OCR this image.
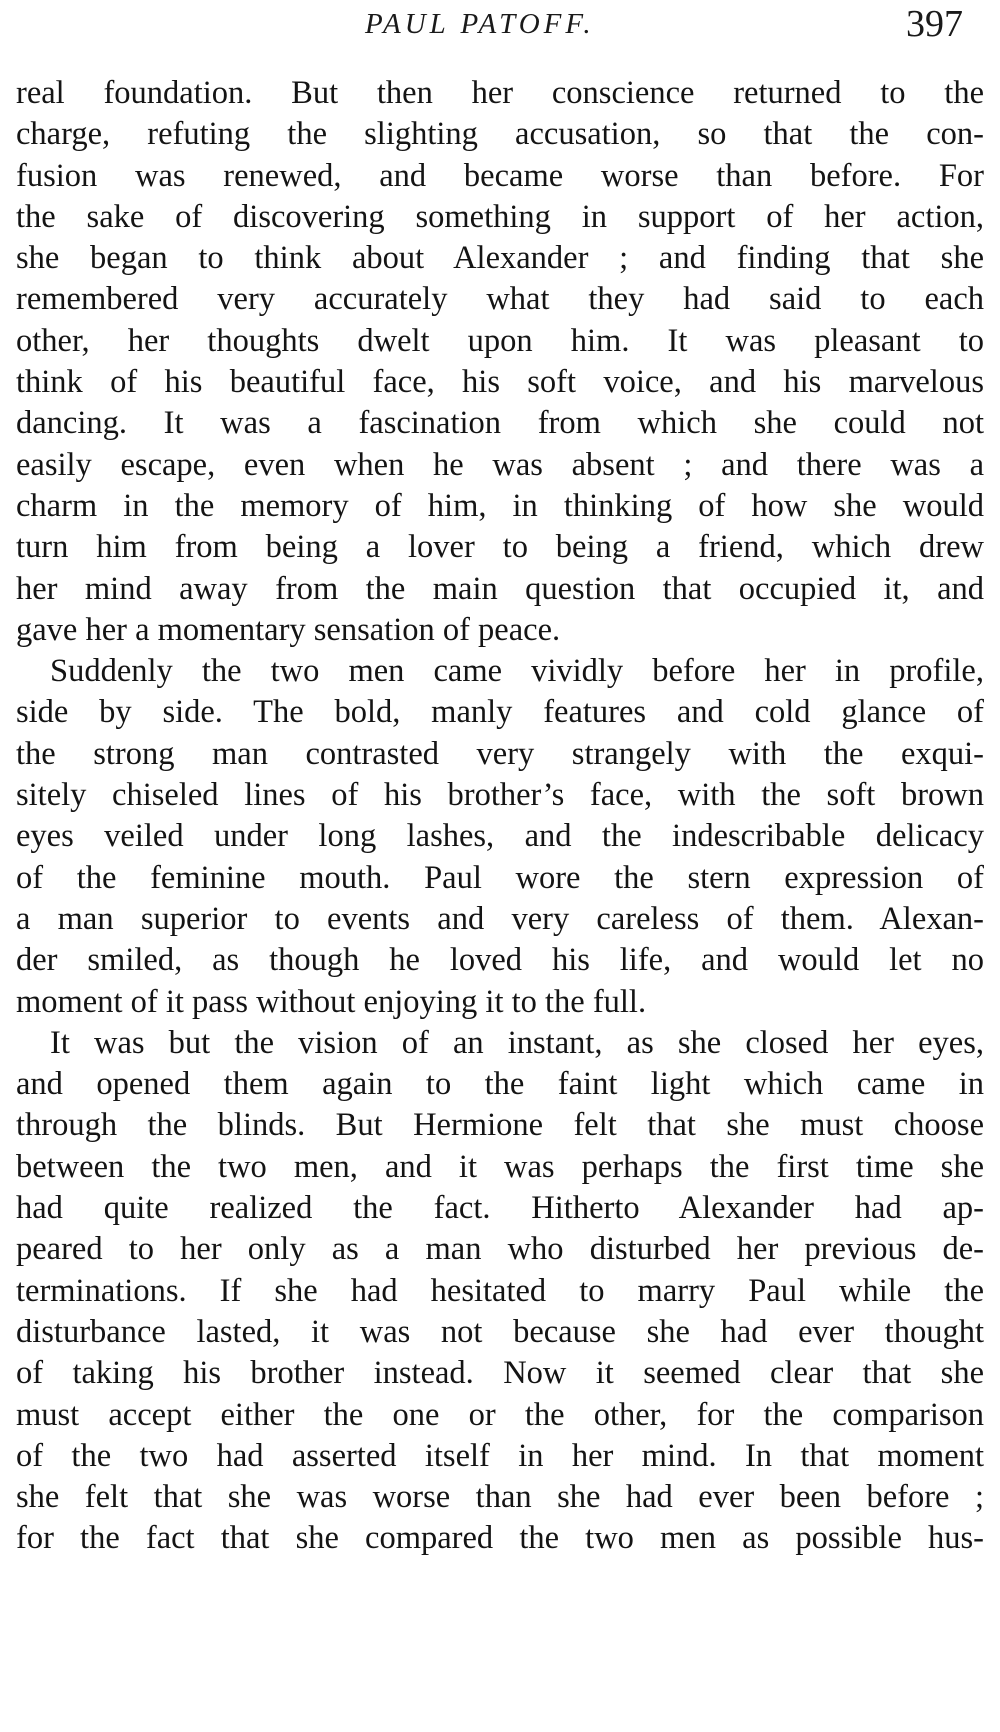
PAUL PATOFF.	397
real foundation. But then her conscience returned to the
charge, refuting the slighting accusation, so that the con-
fusion was renewed, and became worse than before. For
the sake of discovering something in support of her action,
she began to think about Alexander ; and finding that she
remembered very accurately what they had said to each
other, her thoughts dwelt upon him. It was pleasant to
think of his beautiful face, his soft voice, and his marvelous
dancing. It was a fascination from which she could not
easily escape, even when he was absent ; and there was a
charm in the memory of him, in thinking of how she would
turn him from being a lover to being a friend, which drew
her mind away from the main question that occupied it, and
gave her a momentary sensation of peace.
Suddenly the two men came vividly before her in profile,
side by side. The bold, manly features and cold glance of
the strong man contrasted very strangely with the exqui-
sitely chiseled lines of his brother’s face, with the soft brown
eyes veiled under long lashes, and the indescribable delicacy
of the feminine mouth. Paul wore the stern expression of
a man superior to events and very careless of them. Alexan-
der smiled, as though he loved his life, and would let no
moment of it pass without enjoying it to the full.
It was but the vision of an instant, as she closed her eyes,
and opened them again to the faint light which came in
through the blinds. But Hermione felt that she must choose
between the two men, and it was perhaps the first time she
had quite realized the fact. Hitherto Alexander had ap-
peared to her only as a man who disturbed her previous de-
terminations. If she had hesitated to marry Paul while the
disturbance lasted, it was not because she had ever thought
of taking his brother instead. Now it seemed clear that she
must accept either the one or the other, for the comparison
of the two had asserted itself in her mind. In that moment
she felt that she was worse than she had ever been before ;
for the fact that she compared the two men as possible hus-
